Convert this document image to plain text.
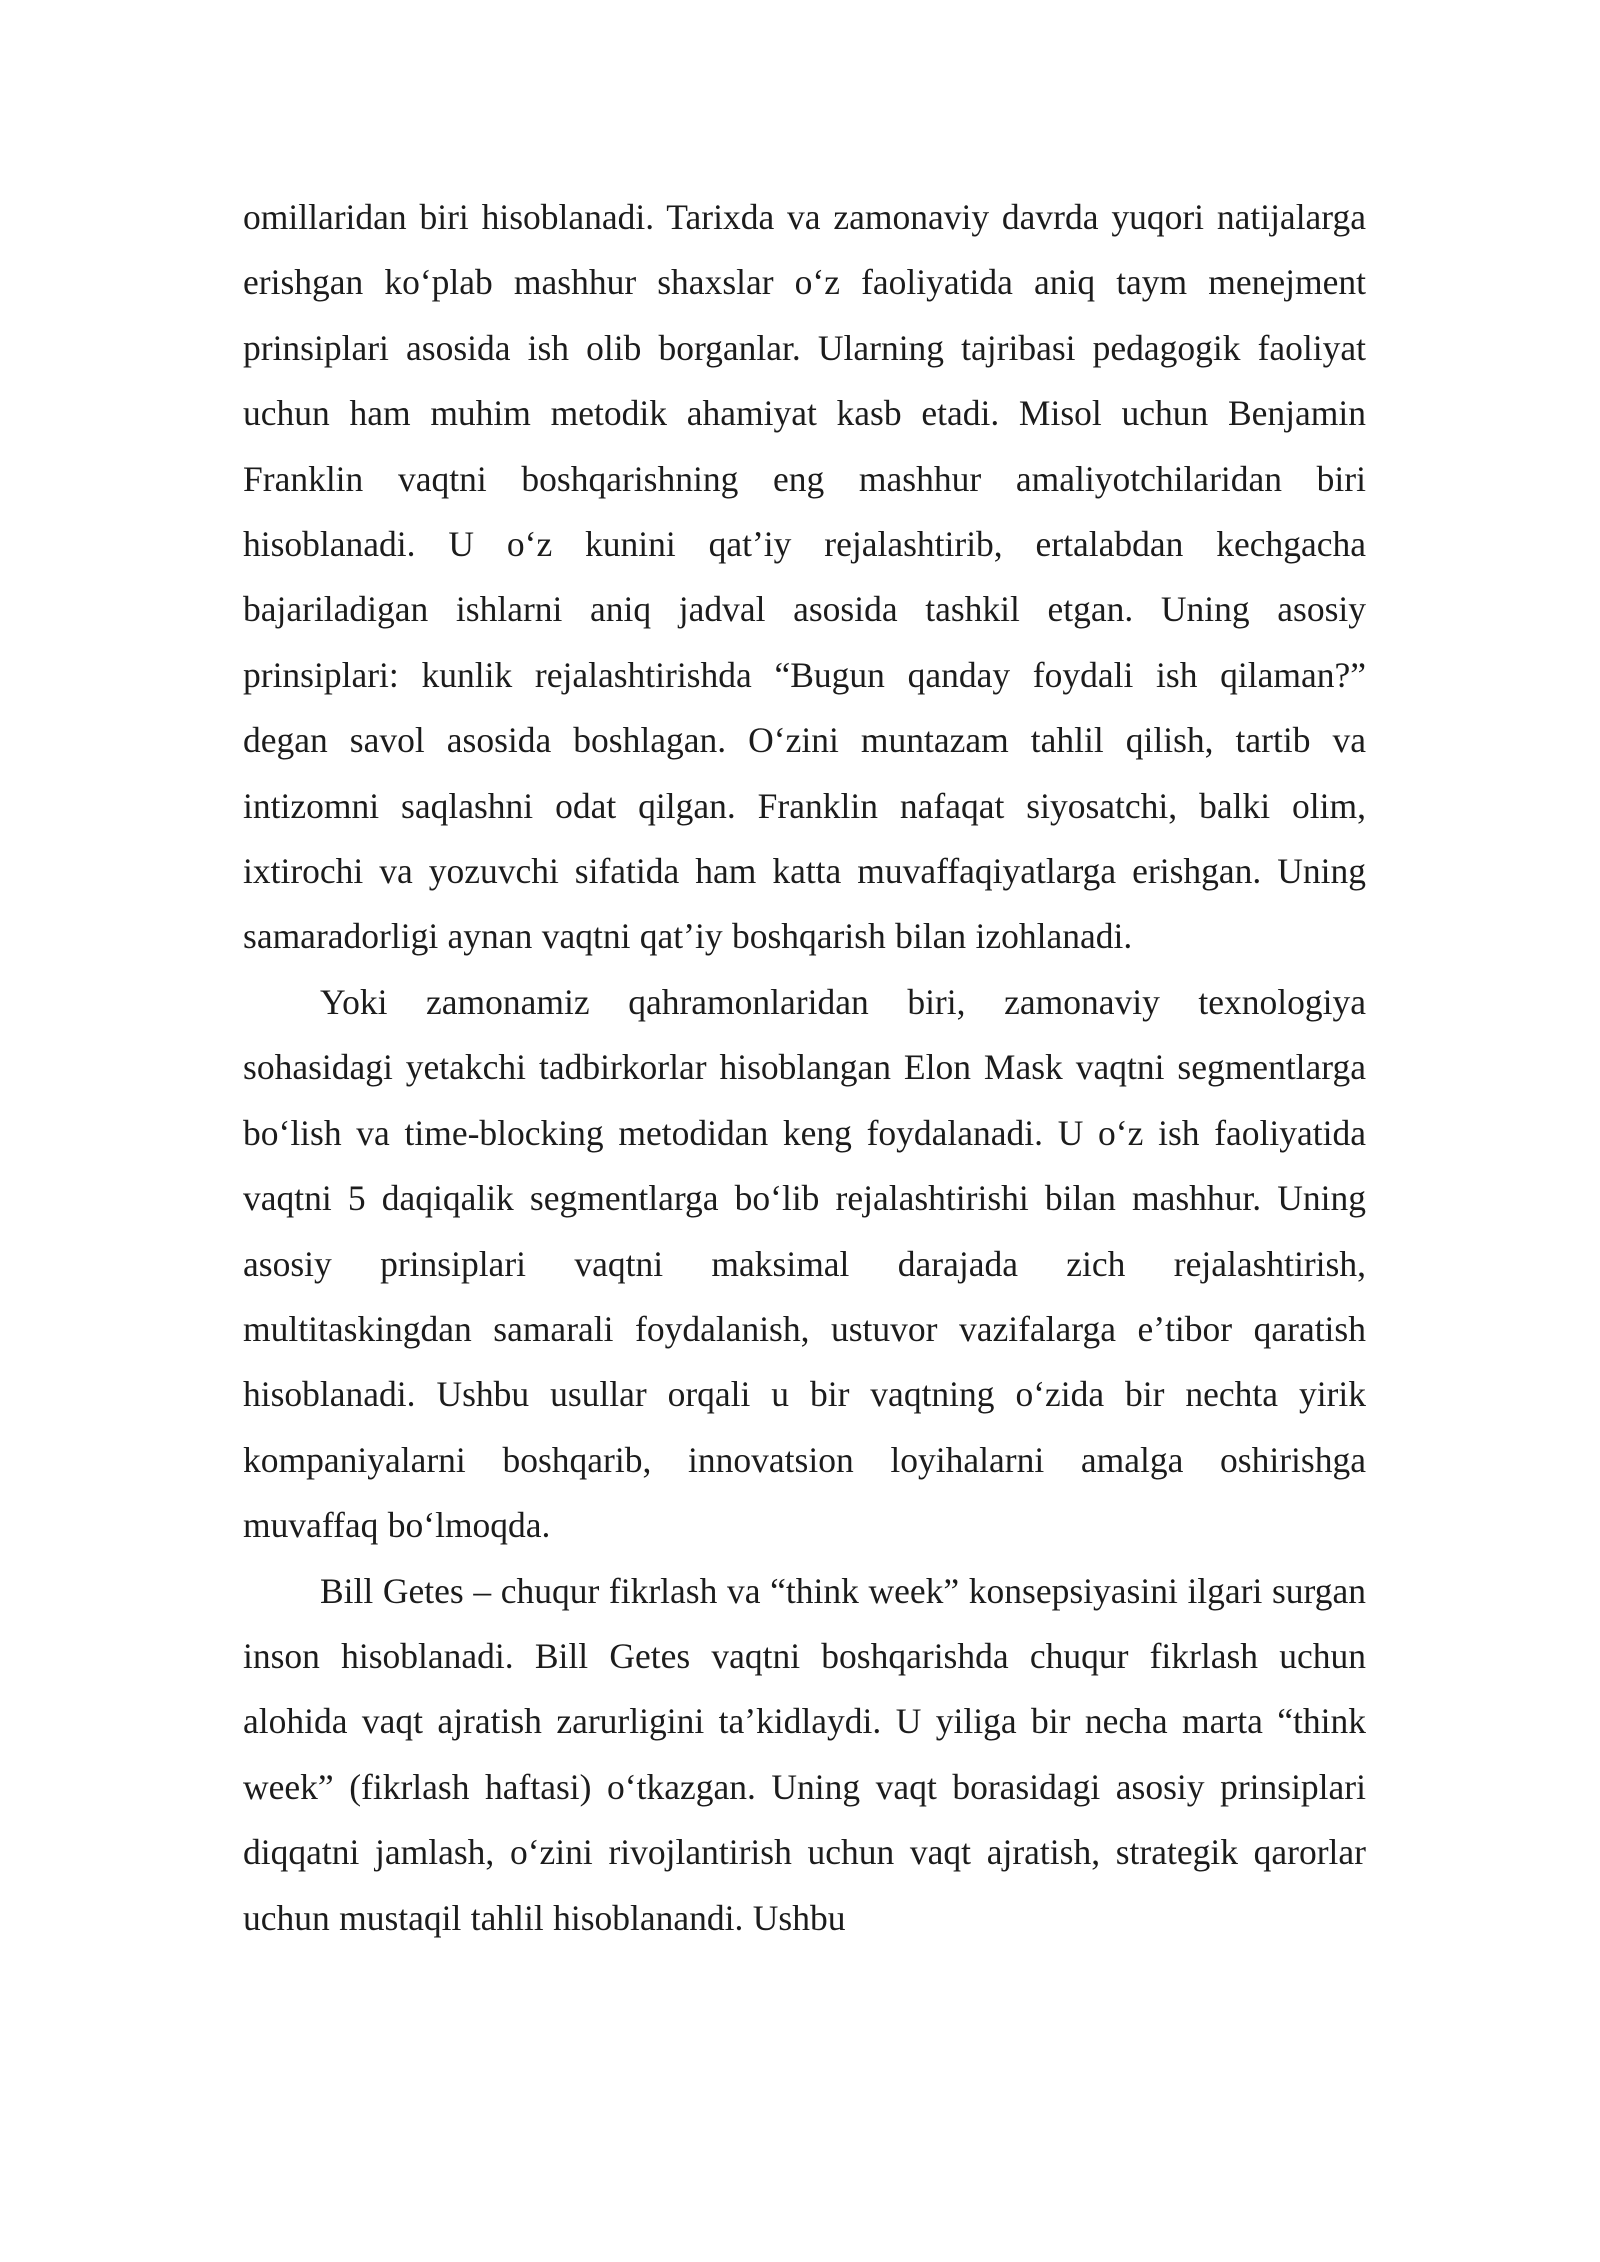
omillaridan biri hisoblanadi. Tarixda va zamonaviy davrda yuqori natijalarga erishgan koʻplab mashhur shaxslar oʻz faoliyatida aniq taym menejment prinsiplari asosida ish olib borganlar. Ularning tajribasi pedagogik faoliyat uchun ham muhim metodik ahamiyat kasb etadi. Misol uchun Benjamin Franklin vaqtni boshqarishning eng mashhur amaliyotchilaridan biri hisoblanadi. U oʻz kunini qatʼiy rejalashtirib, ertalabdan kechgacha bajariladigan ishlarni aniq jadval asosida tashkil etgan. Uning asosiy prinsiplari: kunlik rejalashtirishda “Bugun qanday foydali ish qilaman?” degan savol asosida boshlagan. Oʻzini muntazam tahlil qilish, tartib va intizomni saqlashni odat qilgan. Franklin nafaqat siyosatchi, balki olim, ixtirochi va yozuvchi sifatida ham katta muvaffaqiyatlarga erishgan. Uning samaradorligi aynan vaqtni qatʼiy boshqarish bilan izohlanadi.

Yoki zamonamiz qahramonlaridan biri, zamonaviy texnologiya sohasidagi yetakchi tadbirkorlar hisoblangan Elon Mask vaqtni segmentlarga boʻlish va time-blocking metodidan keng foydalanadi. U oʻz ish faoliyatida vaqtni 5 daqiqalik segmentlarga boʻlib rejalashtirishi bilan mashhur. Uning asosiy prinsiplari vaqtni maksimal darajada zich rejalashtirish, multitaskingdan samarali foydalanish, ustuvor vazifalarga eʼtibor qaratish hisoblanadi. Ushbu usullar orqali u bir vaqtning oʻzida bir nechta yirik kompaniyalarni boshqarib, innovatsion loyihalarni amalga oshirishga muvaffaq boʻlmoqda.

Bill Getes – chuqur fikrlash va “think week” konsepsiyasini ilgari surgan inson hisoblanadi. Bill Getes vaqtni boshqarishda chuqur fikrlash uchun alohida vaqt ajratish zarurligini taʼkidlaydi. U yiliga bir necha marta “think week” (fikrlash haftasi) oʻtkazgan. Uning vaqt borasidagi asosiy prinsiplari diqqatni jamlash, oʻzini rivojlantirish uchun vaqt ajratish, strategik qarorlar uchun mustaqil tahlil hisoblanandi. Ushbu
